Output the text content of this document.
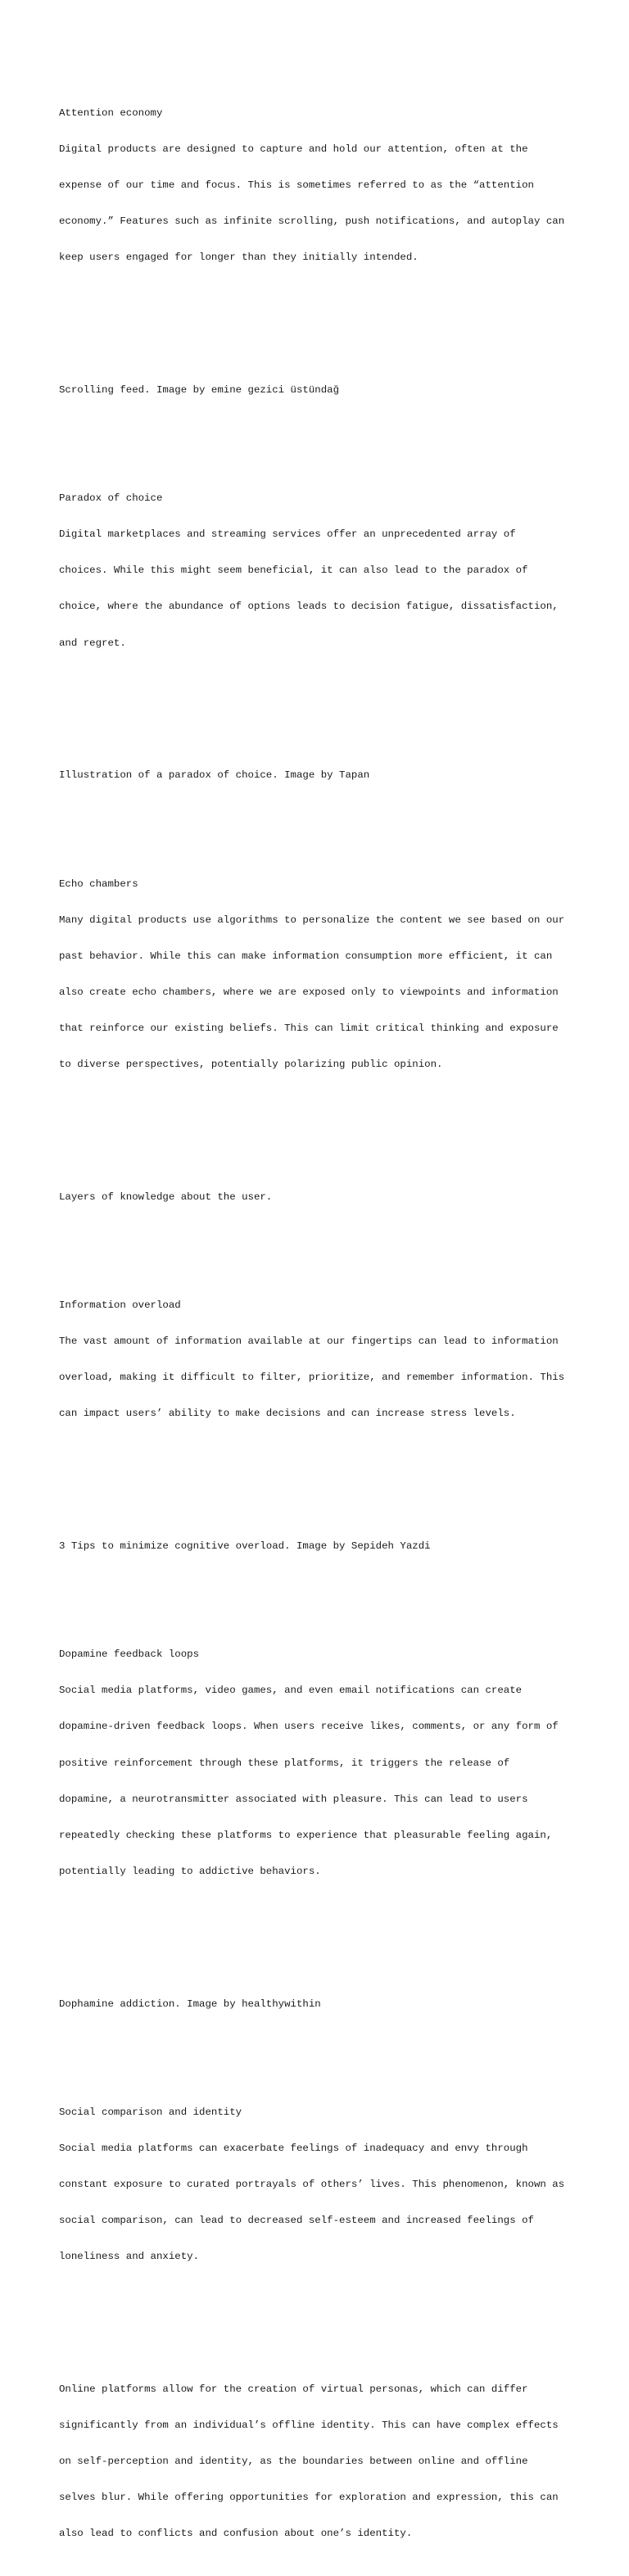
Attention economy

Digital products are designed to capture and hold our attention, often at the

expense of our time and focus. This is sometimes referred to as the “attention

economy.” Features such as infinite scrolling, push notifications, and autoplay can

keep users engaged for longer than they initially intended.

Scrolling feed. Image by emine gezici üstündağ

Paradox of choice

Digital marketplaces and streaming services offer an unprecedented array of

choices. While this might seem beneficial, it can also lead to the paradox of

choice, where the abundance of options leads to decision fatigue, dissatisfaction,

and regret.

Illustration of a paradox of choice. Image by Tapan

Echo chambers

Many digital products use algorithms to personalize the content we see based on our

past behavior. While this can make information consumption more efficient, it can

also create echo chambers, where we are exposed only to viewpoints and information

that reinforce our existing beliefs. This can limit critical thinking and exposure

to diverse perspectives, potentially polarizing public opinion.

Layers of knowledge about the user.

Information overload

The vast amount of information available at our fingertips can lead to information

overload, making it difficult to filter, prioritize, and remember information. This

can impact users’ ability to make decisions and can increase stress levels.

3 Tips to minimize cognitive overload. Image by Sepideh Yazdi

Dopamine feedback loops

Social media platforms, video games, and even email notifications can create

dopamine-driven feedback loops. When users receive likes, comments, or any form of

positive reinforcement through these platforms, it triggers the release of

dopamine, a neurotransmitter associated with pleasure. This can lead to users

repeatedly checking these platforms to experience that pleasurable feeling again,

potentially leading to addictive behaviors.

Dophamine addiction. Image by healthywithin

Social comparison and identity

Social media platforms can exacerbate feelings of inadequacy and envy through

constant exposure to curated portrayals of others’ lives. This phenomenon, known as

social comparison, can lead to decreased self-esteem and increased feelings of

loneliness and anxiety.

Online platforms allow for the creation of virtual personas, which can differ

significantly from an individual’s offline identity. This can have complex effects

on self-perception and identity, as the boundaries between online and offline

selves blur. While offering opportunities for exploration and expression, this can

also lead to conflicts and confusion about one’s identity.
